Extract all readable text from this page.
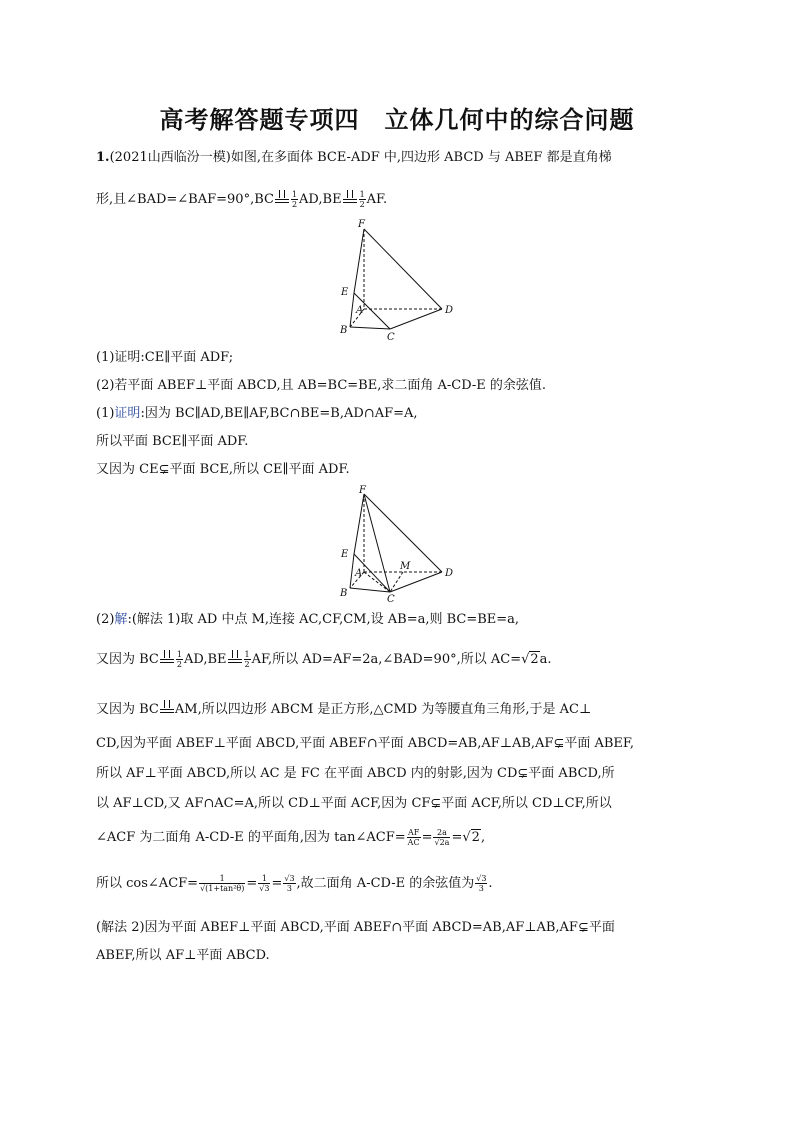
高考解答题专项四　立体几何中的综合问题
1.(2021山西临汾一模)如图,在多面体 BCE-ADF 中,四边形 ABCD 与 ABEF 都是直角梯
形,且∠BAD=∠BAF=90°,BC $\frac{1}{2} AD,BE \frac{1}{2}$ AF.
F
E
A
B
C
D
(1)证明:CE∥平面 ADF;
(2)若平面 ABEF⊥平面 ABCD,且 AB=BC=BE,求二面角 A-CD-E 的余弦值.
(1)证明:因为 BC∥AD,BE∥AF,BC∩BE=B,AD∩AF=A,
所以平面 BCE∥平面 ADF.
又因为 CE⊊平面 BCE,所以 CE∥平面 ADF.
F
E
A
B
C
D
M
(2)解:(解法 1)取 AD 中点 M,连接 AC,CF,CM,设 AB=a,则 BC=BE=a,
又因为 BC $\frac{1}{2} AD,BE \frac{1}{2}$ AF,所以 AD=AF=2a,∠BAD=90°,所以 AC=√2a.
又因为 BC AM,所以四边形 ABCM 是正方形,△CMD 为等腰直角三角形,于是 AC⊥
CD,因为平面 ABEF⊥平面 ABCD,平面 ABEF∩平面 ABCD=AB,AF⊥AB,AF⊊平面 ABEF,
所以 AF⊥平面 ABCD,所以 AC 是 FC 在平面 ABCD 内的射影,因为 CD⊊平面 ABCD,所
以 AF⊥CD,又 AF∩AC=A,所以 CD⊥平面 ACF,因为 CF⊊平面 ACF,所以 CD⊥CF,所以
∠ACF 为二面角 A-CD-E 的平面角,因为 tan∠ACF= $\frac{AF}{AC} = \frac{2a}{√2a} =√2$,
所以 cos∠ACF= $\frac{1}{\text{√(1+tan²θ)}} = \frac{1}{√3} = \frac{√3}{3}$ ,故二面角 A-CD-E 的余弦值为 $\frac{√3}{3}$ .
(解法 2)因为平面 ABEF⊥平面 ABCD,平面 ABEF∩平面 ABCD=AB,AF⊥AB,AF⊊平面
ABEF,所以 AF⊥平面 ABCD.
